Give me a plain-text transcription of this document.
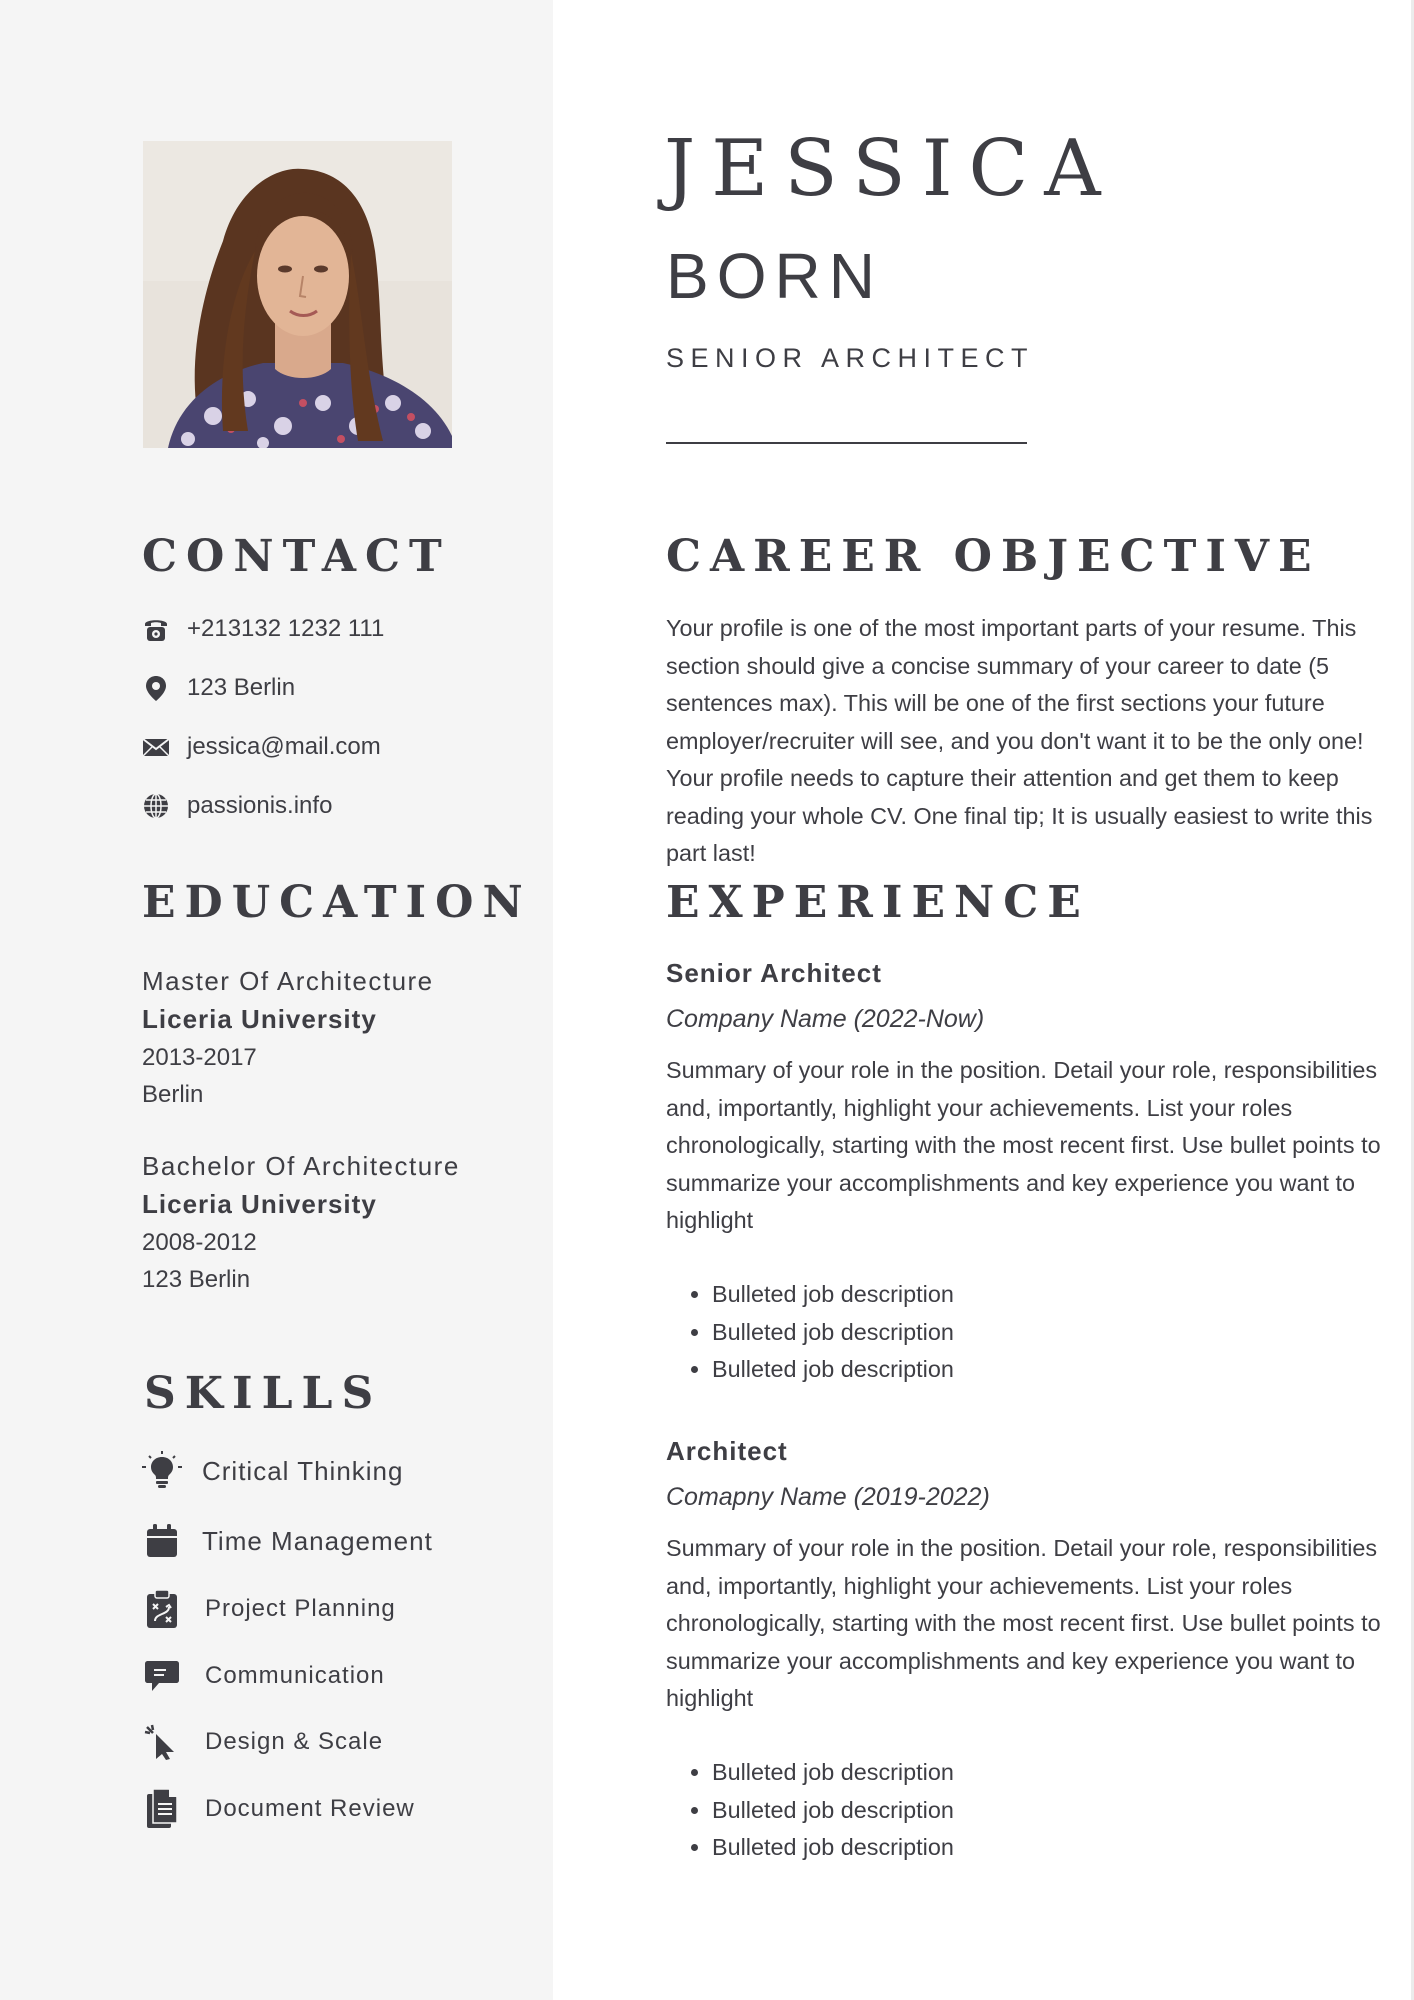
CONTACT
+213132 1232 111
123 Berlin
jessica@mail.com
passionis.info
EDUCATION
Master Of Architecture
Liceria University
2013-2017
Berlin
Bachelor Of Architecture
Liceria University
2008-2012
123 Berlin
SKILLS
Critical Thinking
Time Management
Project Planning
Communication
Design & Scale
Document Review
JESSICA
BORN
SENIOR ARCHITECT
CAREER OBJECTIVE

Your profile is one of the most important parts of your resume. This section should give a concise summary of your career to date (5 sentences max). This will be one of the first sections your future employer/recruiter will see, and you don't want it to be the only one! Your profile needs to capture their attention and get them to keep reading your whole CV. One final tip; It is usually easiest to write this part last!

EXPERIENCE
Senior Architect
Company Name (2022-Now)

Summary of your role in the position. Detail your role, responsibilities and, importantly, highlight your achievements. List your roles chronologically, starting with the most recent first. Use bullet points to summarize your accomplishments and key experience you want to highlight

• Bulleted job description
• Bulleted job description
• Bulleted job description
Architect
Comapny Name (2019-2022)

Summary of your role in the position. Detail your role, responsibilities and, importantly, highlight your achievements. List your roles chronologically, starting with the most recent first. Use bullet points to summarize your accomplishments and key experience you want to highlight

• Bulleted job description
• Bulleted job description
• Bulleted job description
